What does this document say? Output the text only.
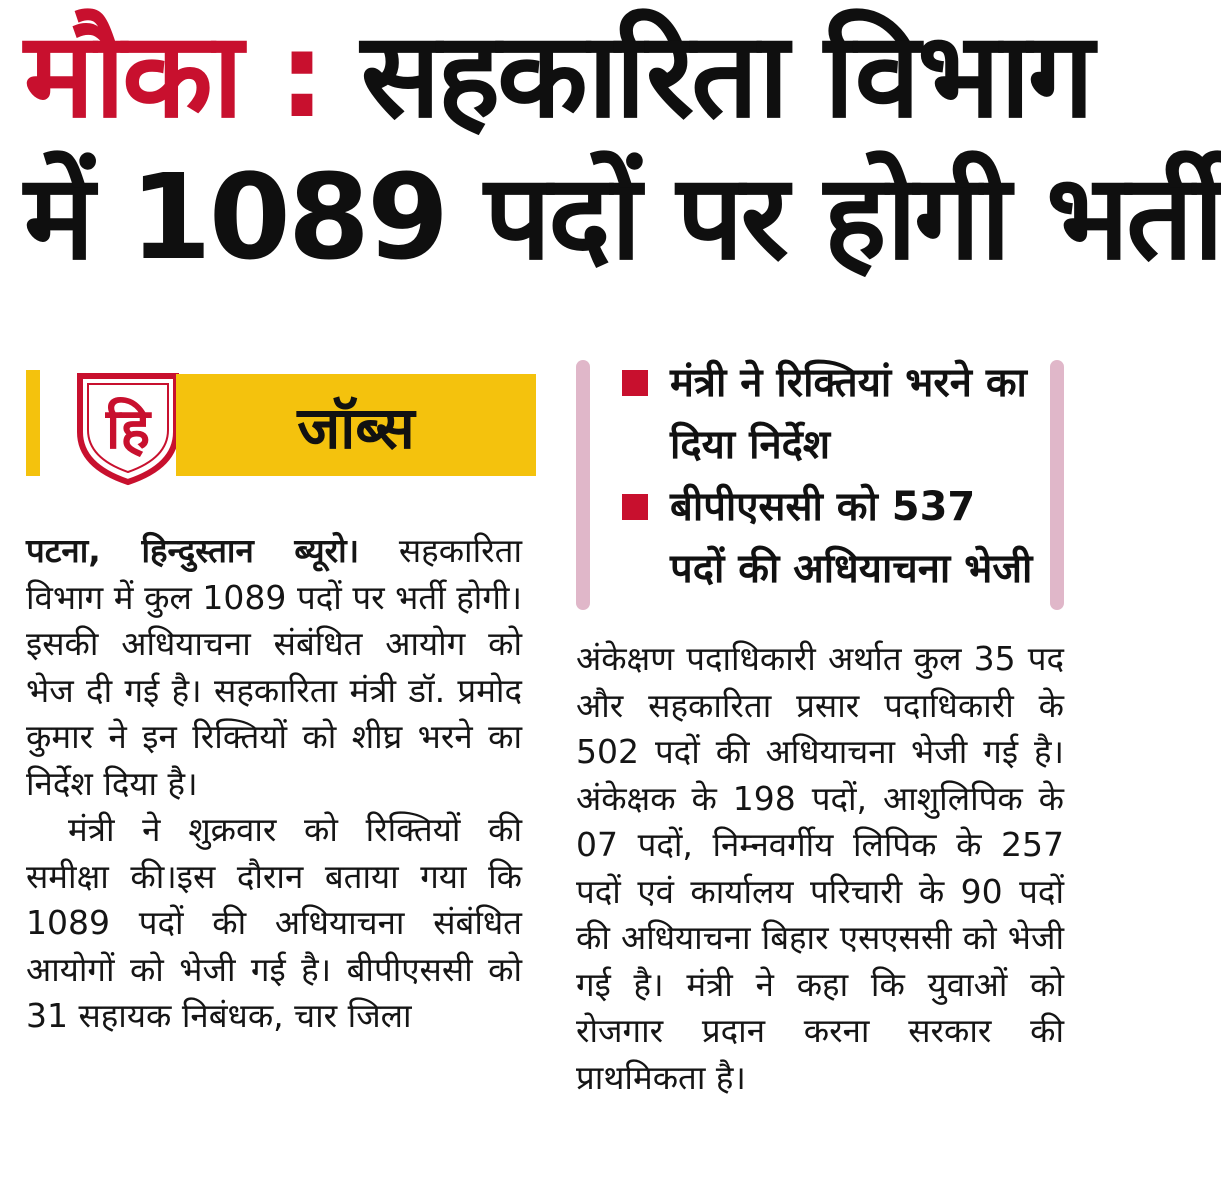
मौका : सहकारिता विभाग
में 1089 पदों पर होगी भर्ती
हि	जॉब्स
मंत्री ने रिक्तियां भरने का दिया निर्देश
बीपीएससी को 537 पदों की अधियाचना भेजी

पटना, हिन्दुस्तान ब्यूरो। सहकारिता विभाग में कुल 1089 पदों पर भर्ती होगी। इसकी अधियाचना संबंधित आयोग को भेज दी गई है। सहकारिता मंत्री डॉ. प्रमोद कुमार ने इन रिक्तियों को शीघ्र भरने का निर्देश दिया है।

मंत्री ने शुक्रवार को रिक्तियों की समीक्षा की।इस दौरान बताया गया कि 1089 पदों की अधियाचना संबंधित आयोगों को भेजी गई है। बीपीएससी को 31 सहायक निबंधक, चार जिला

अंकेक्षण पदाधिकारी अर्थात कुल 35 पद और सहकारिता प्रसार पदाधिकारी के 502 पदों की अधियाचना भेजी गई है। अंकेक्षक के 198 पदों, आशुलिपिक के 07 पदों, निम्नवर्गीय लिपिक के 257 पदों एवं कार्यालय परिचारी के 90 पदों की अधियाचना बिहार एसएससी को भेजी गई है। मंत्री ने कहा कि युवाओं को रोजगार प्रदान करना सरकार की प्राथमिकता है।
